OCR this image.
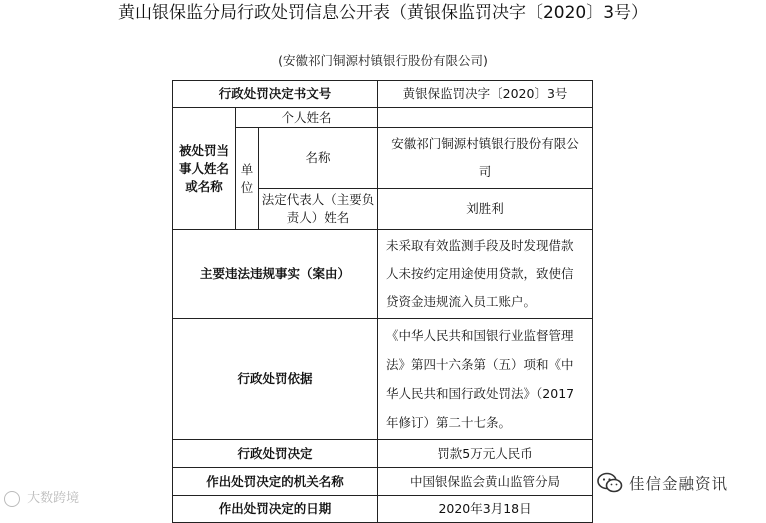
黄山银保监分局行政处罚信息公开表（黄银保监罚决字〔2020〕3号）
(安徽祁门铜源村镇银行股份有限公司)
行政处罚决定书文号			黄银保监罚决字〔2020〕3号
被处罚当事人姓名或名称	个人姓名		
	单位	名称	安徽祁门铜源村镇银行股份有限公司

		法定代表人（主要负责人）姓名	刘胜利
主要违法违规事实（案由）			未采取有效监测手段及时发现借款人未按约定用途使用贷款，致使信贷资金违规流入员工账户。
行政处罚依据			《中华人民共和国银行业监督管理法》第四十六条第（五）项和《中华人民共和国行政处罚法》（2017年修订）第二十七条。
行政处罚决定			罚款5万元人民币
作出处罚决定的机关名称			中国银保监会黄山监管分局
作出处罚决定的日期			2020年3月18日
大数跨境
佳信金融资讯
